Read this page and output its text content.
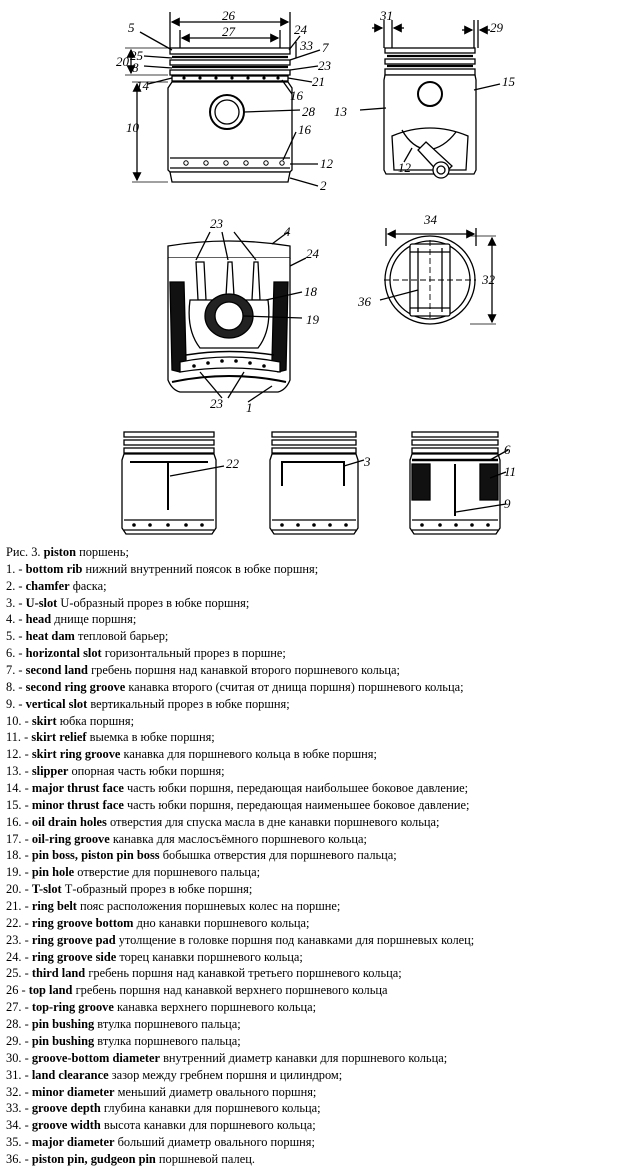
26
27
5
25
8
20
14
10
24
33 7
23
21
16
28
16
12
2
31
29
15
13
12
23
4
24
18
19
23 1
34
32
36
22	3
6
11
9
Рис. 3. piston поршень;
1. - bottom rib нижний внутренний поясок в юбке поршня;
2. - chamfer фаска;
3. - U-slot U-образный прорез в юбке поршня;
4. - head днище поршня;
5. - heat dam тепловой барьер;
6. - horizontal slot горизонтальный прорез в поршне;
7. - second land гребень поршня над канавкой второго поршневого кольца;
8. - second ring groove канавка второго (считая от днища поршня) поршневого кольца;
9. - vertical slot вертикальный прорез в юбке поршня;
10. - skirt юбка поршня;
11. - skirt relief выемка в юбке поршня;
12. - skirt ring groove канавка для поршневого кольца в юбке поршня;
13. - slipper опорная часть юбки поршня;
14. - major thrust face часть юбки поршня, передающая наибольшее боковое давление;
15. - minor thrust face часть юбки поршня, передающая наименьшее боковое давление;
16. - oil drain holes отверстия для спуска масла в дне канавки поршневого кольца;
17. - oil-ring groove канавка для маслосъёмного поршневого кольца;
18. - pin boss, piston pin boss бобышка отверстия для поршневого пальца;
19. - pin hole отверстие для поршневого пальца;
20. - T-slot Т-образный прорез в юбке поршня;
21. - ring belt пояс расположения поршневых колес на поршне;
22. - ring groove bottom дно канавки поршневого кольца;
23. - ring groove pad утолщение в головке поршня под канавками для поршневых колец;
24. - ring groove side торец канавки поршневого кольца;
25. - third land гребень поршня над канавкой третьего поршневого кольца;
26 - top land гребень поршня над канавкой верхнего поршневого кольца
27. - top-ring groove канавка верхнего поршневого кольца;
28. - pin bushing втулка поршневого пальца;
29. - pin bushing втулка поршневого пальца;
30. - groove-bottom diameter внутренний диаметр канавки для поршневого кольца;
31. - land clearance зазор между гребнем поршня и цилиндром;
32. - minor diameter меньший диаметр овального поршня;
33. - groove depth глубина канавки для поршневого кольца;
34. - groove width высота канавки для поршневого кольца;
35. - major diameter больший диаметр овального поршня;
36. - piston pin, gudgeon pin поршневой палец.
